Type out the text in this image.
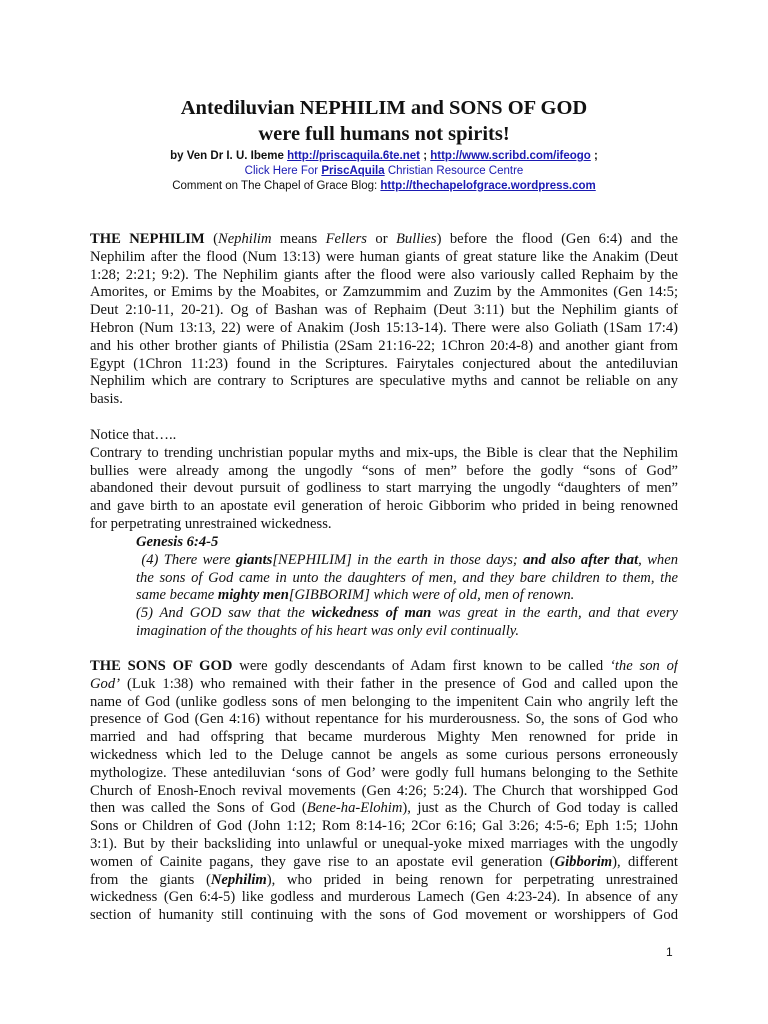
Antediluvian NEPHILIM and SONS OF GOD
were full humans not spirits!
by Ven Dr I. U. Ibeme http://priscaquila.6te.net ; http://www.scribd.com/ifeogo ;
Click Here For PriscAquila Christian Resource Centre
Comment on The Chapel of Grace Blog: http://thechapelofgrace.wordpress.com
THE NEPHILIM (Nephilim means Fellers or Bullies) before the flood (Gen 6:4) and the
Nephilim after the flood (Num 13:13) were human giants of great stature like the Anakim (Deut
1:28; 2:21; 9:2). The Nephilim giants after the flood were also variously called Rephaim by the
Amorites, or Emims by the Moabites, or Zamzummim and Zuzim by the Ammonites (Gen 14:5;
Deut 2:10-11, 20-21). Og of Bashan was of Rephaim (Deut 3:11) but the Nephilim giants of
Hebron (Num 13:13, 22) were of Anakim (Josh 15:13-14). There were also Goliath (1Sam 17:4)
and his other brother giants of Philistia (2Sam 21:16-22; 1Chron 20:4-8) and another giant from
Egypt (1Chron 11:23) found in the Scriptures. Fairytales conjectured about the antediluvian
Nephilim which are contrary to Scriptures are speculative myths and cannot be reliable on any
basis.
Notice that…..
Contrary to trending unchristian popular myths and mix-ups, the Bible is clear that the Nephilim
bullies were already among the ungodly “sons of men” before the godly “sons of God”
abandoned their devout pursuit of godliness to start marrying the ungodly “daughters of men”
and gave birth to an apostate evil generation of heroic Gibborim who prided in being renowned
for perpetrating unrestrained wickedness.
Genesis 6:4-5
(4) There were giants[NEPHILIM] in the earth in those days; and also after that, when
the sons of God came in unto the daughters of men, and they bare children to them, the
same became mighty men[GIBBORIM] which were of old, men of renown.
(5) And GOD saw that the wickedness of man was great in the earth, and that every
imagination of the thoughts of his heart was only evil continually.
THE SONS OF GOD were godly descendants of Adam first known to be called ‘the son of
God’ (Luk 1:38) who remained with their father in the presence of God and called upon the
name of God (unlike godless sons of men belonging to the impenitent Cain who angrily left the
presence of God (Gen 4:16) without repentance for his murderousness. So, the sons of God who
married and had offspring that became murderous Mighty Men renowned for pride in
wickedness which led to the Deluge cannot be angels as some curious persons erroneously
mythologize. These antediluvian ‘sons of God’ were godly full humans belonging to the Sethite
Church of Enosh-Enoch revival movements (Gen 4:26; 5:24). The Church that worshipped God
then was called the Sons of God (Bene-ha-Elohim), just as the Church of God today is called
Sons or Children of God (John 1:12; Rom 8:14-16; 2Cor 6:16; Gal 3:26; 4:5-6; Eph 1:5; 1John
3:1). But by their backsliding into unlawful or unequal-yoke mixed marriages with the ungodly
women of Cainite pagans, they gave rise to an apostate evil generation (Gibborim), different
from the giants (Nephilim), who prided in being renown for perpetrating unrestrained
wickedness (Gen 6:4-5) like godless and murderous Lamech (Gen 4:23-24). In absence of any
section of humanity still continuing with the sons of God movement or worshippers of God
1
